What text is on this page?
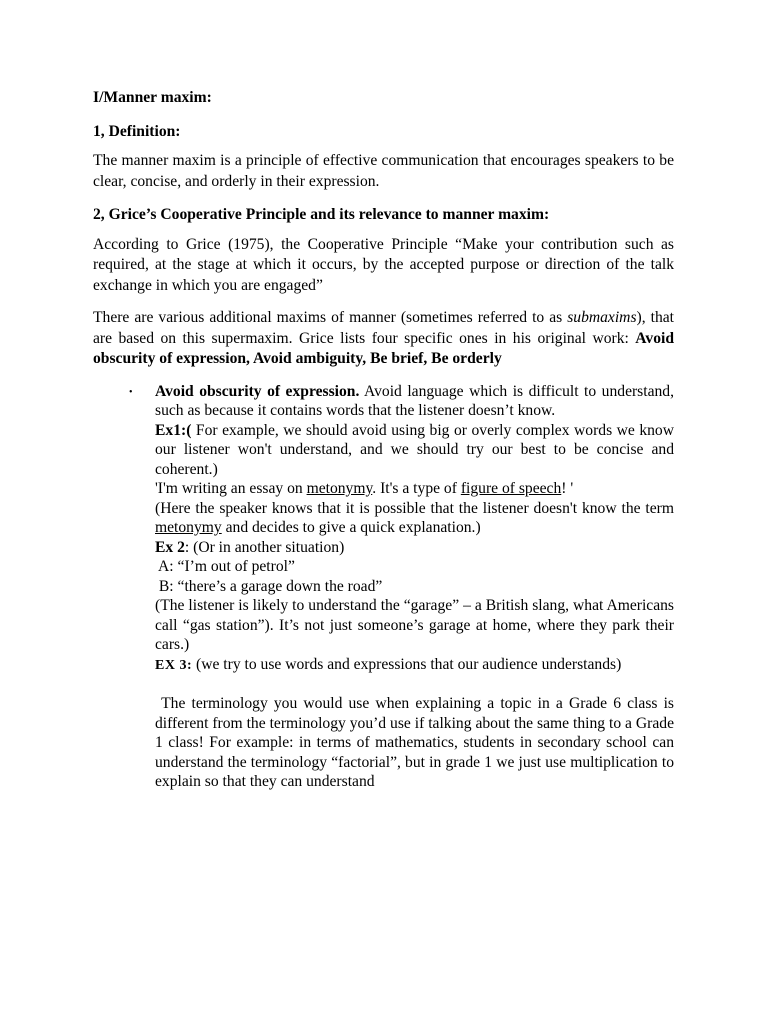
I/Manner maxim:

1, Definition:

The manner maxim is a principle of effective communication that encourages speakers to be clear, concise, and orderly in their expression.

2, Grice’s Cooperative Principle and its relevance to manner maxim:

According to Grice (1975), the Cooperative Principle “Make your contribution such as required, at the stage at which it occurs, by the accepted purpose or direction of the talk exchange in which you are engaged”

There are various additional maxims of manner (sometimes referred to as submaxims), that are based on this supermaxim. Grice lists four specific ones in his original work: Avoid obscurity of expression, Avoid ambiguity, Be brief, Be orderly

• Avoid obscurity of expression. Avoid language which is difficult to understand, such as because it contains words that the listener doesn’t know.

Ex1:( For example, we should avoid using big or overly complex words we know our listener won't understand, and we should try our best to be concise and coherent.)

'I'm writing an essay on metonymy. It's a type of figure of speech! '

(Here the speaker knows that it is possible that the listener doesn't know the term metonymy and decides to give a quick explanation.)

Ex 2: (Or in another situation)

A: “I’m out of petrol”

B: “there’s a garage down the road”

(The listener is likely to understand the “garage” – a British slang, what Americans call “gas station”). It’s not just someone’s garage at home, where they park their cars.)

EX 3: (we try to use words and expressions that our audience understands)

The terminology you would use when explaining a topic in a Grade 6 class is different from the terminology you’d use if talking about the same thing to a Grade 1 class! For example: in terms of mathematics, students in secondary school can understand the terminology “factorial”, but in grade 1 we just use multiplication to explain so that they can understand
